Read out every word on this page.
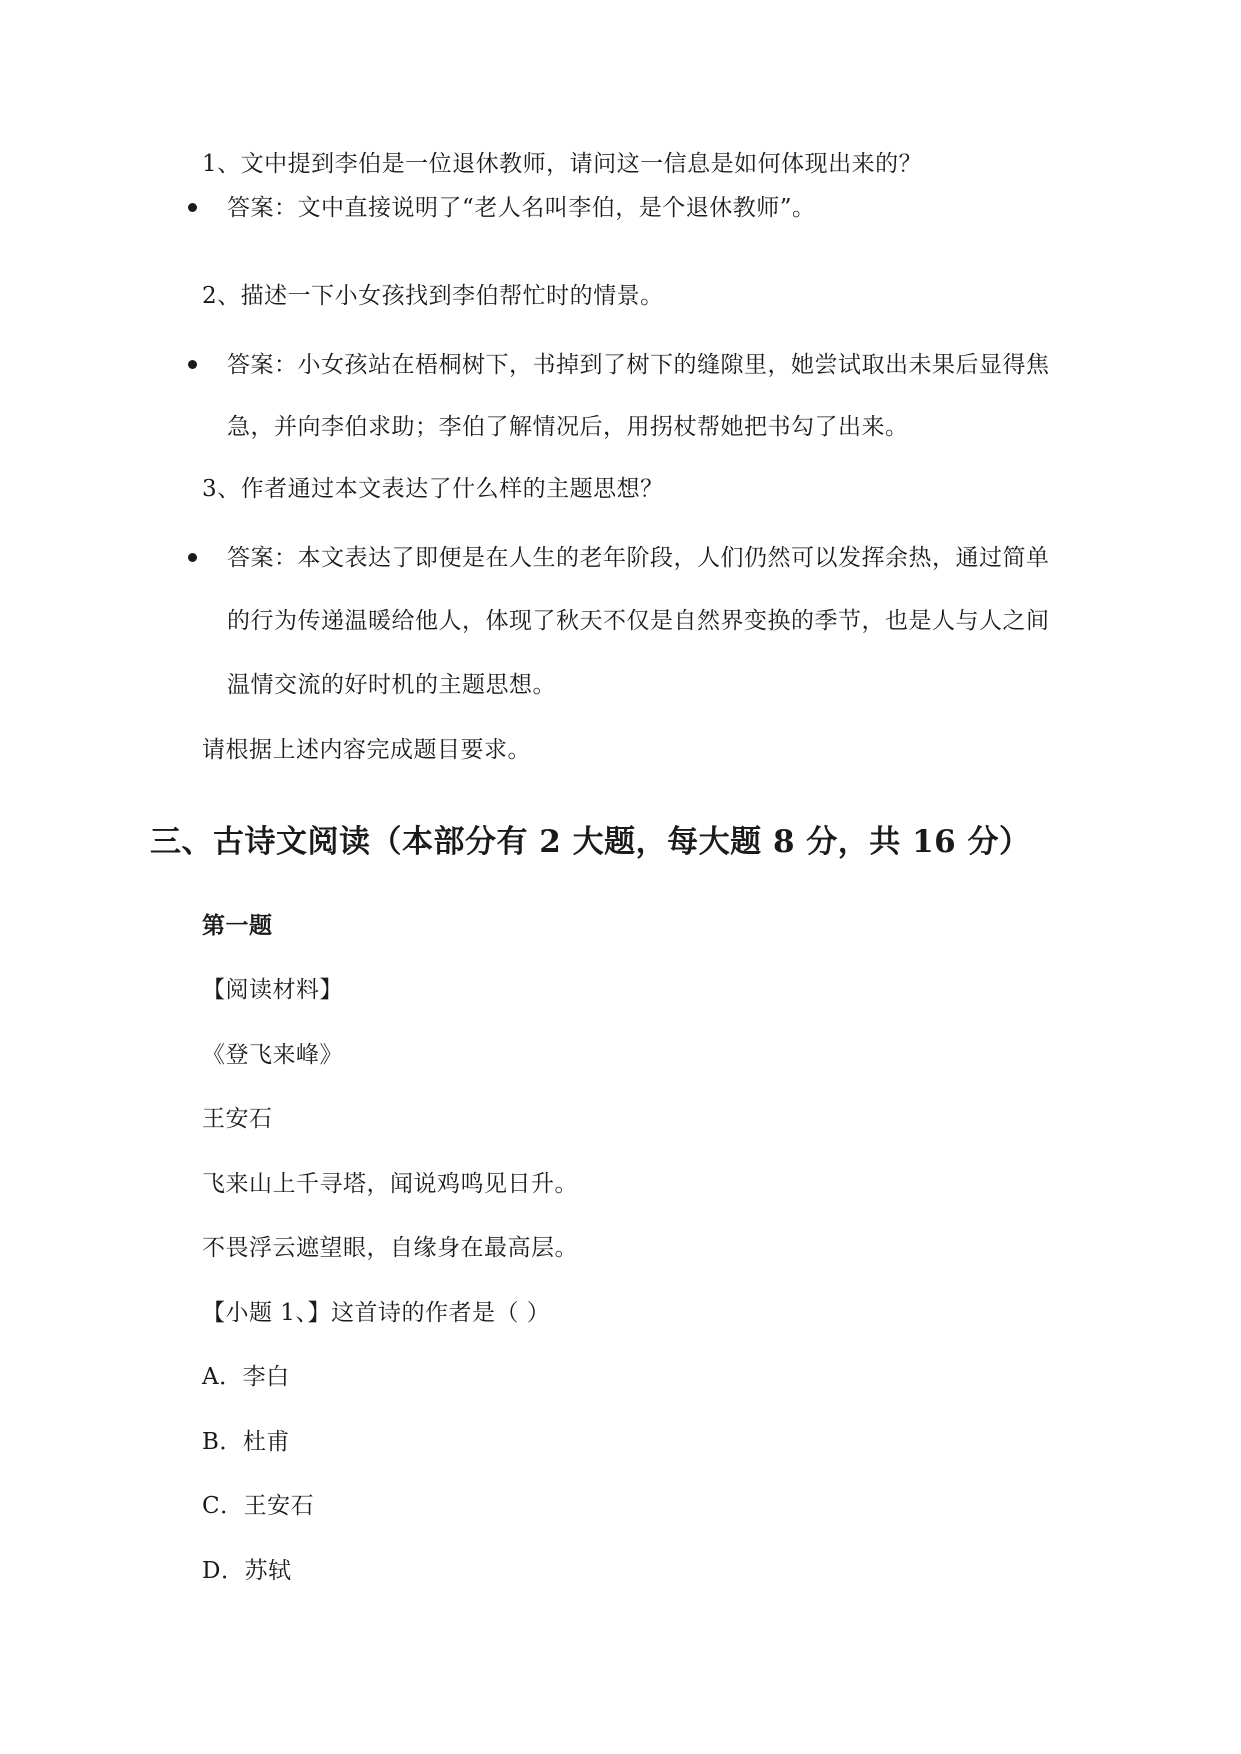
1、文中提到李伯是一位退休教师，请问这一信息是如何体现出来的？
答案：文中直接说明了“老人名叫李伯，是个退休教师”。
2、描述一下小女孩找到李伯帮忙时的情景。
答案：小女孩站在梧桐树下，书掉到了树下的缝隙里，她尝试取出未果后显得焦
急，并向李伯求助；李伯了解情况后，用拐杖帮她把书勾了出来。
3、作者通过本文表达了什么样的主题思想？
答案：本文表达了即便是在人生的老年阶段，人们仍然可以发挥余热，通过简单
的行为传递温暖给他人，体现了秋天不仅是自然界变换的季节，也是人与人之间
温情交流的好时机的主题思想。
请根据上述内容完成题目要求。
三、古诗文阅读（本部分有 2 大题，每大题 8 分，共 16 分）
第一题
【阅读材料】
《登飞来峰》
王安石
飞来山上千寻塔，闻说鸡鸣见日升。
不畏浮云遮望眼，自缘身在最高层。
【小题 1、】这首诗的作者是（ ）
A．李白
B．杜甫
C．王安石
D．苏轼
